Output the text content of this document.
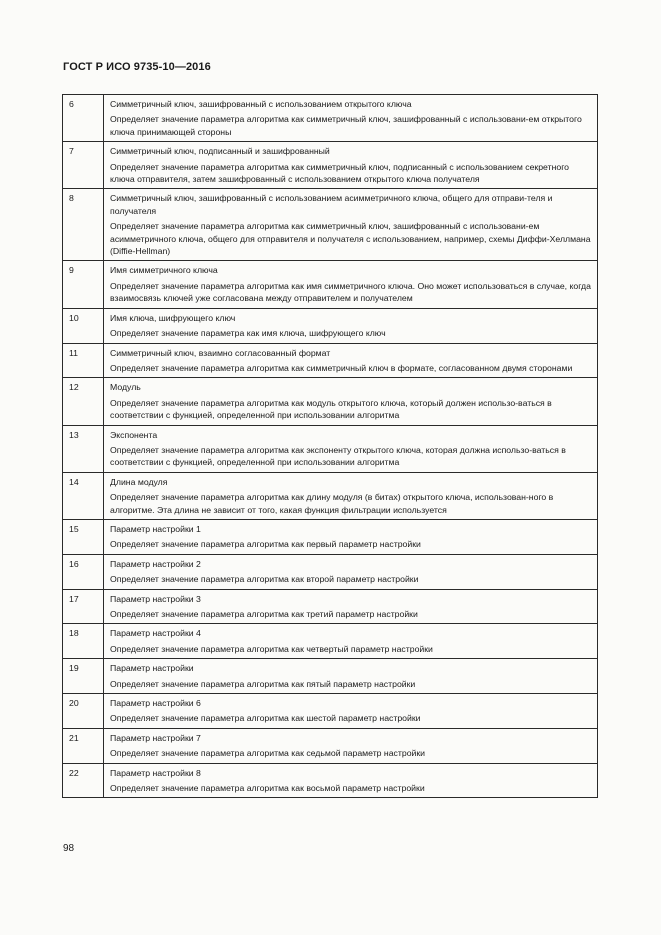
ГОСТ Р ИСО 9735-10—2016
6	Симметричный ключ, зашифрованный с использованием открытого ключа

Определяет значение параметра алгоритма как симметричный ключ, зашифрованный с использовани-ем открытого ключа принимающей стороны

7	Симметричный ключ, подписанный и зашифрованный

Определяет значение параметра алгоритма как симметричный ключ, подписанный с использованием секретного ключа отправителя, затем зашифрованный с использованием открытого ключа получателя

8	Симметричный ключ, зашифрованный с использованием асимметричного ключа, общего для отправи-теля и получателя

Определяет значение параметра алгоритма как симметричный ключ, зашифрованный с использовани-ем асимметричного ключа, общего для отправителя и получателя с использованием, например, схемы Диффи-Хеллмана (Diffie-Hellman)

9	Имя симметричного ключа

Определяет значение параметра алгоритма как имя симметричного ключа. Оно может использоваться в случае, когда взаимосвязь ключей уже согласована между отправителем и получателем

10	Имя ключа, шифрующего ключ

Определяет значение параметра как имя ключа, шифрующего ключ

11	Симметричный ключ, взаимно согласованный формат

Определяет значение параметра алгоритма как симметричный ключ в формате, согласованном двумя сторонами

12	Модуль

Определяет значение параметра алгоритма как модуль открытого ключа, который должен использо-ваться в соответствии с функцией, определенной при использовании алгоритма

13	Экспонента

Определяет значение параметра алгоритма как экспоненту открытого ключа, которая должна использо-ваться в соответствии с функцией, определенной при использовании алгоритма

14	Длина модуля

Определяет значение параметра алгоритма как длину модуля (в битах) открытого ключа, использован-ного в алгоритме. Эта длина не зависит от того, какая функция фильтрации используется

15	Параметр настройки 1

Определяет значение параметра алгоритма как первый параметр настройки

16	Параметр настройки 2

Определяет значение параметра алгоритма как второй параметр настройки

17	Параметр настройки 3

Определяет значение параметра алгоритма как третий параметр настройки

18	Параметр настройки 4

Определяет значение параметра алгоритма как четвертый параметр настройки

19	Параметр настройки

Определяет значение параметра алгоритма как пятый параметр настройки

20	Параметр настройки 6

Определяет значение параметра алгоритма как шестой параметр настройки

21	Параметр настройки 7

Определяет значение параметра алгоритма как седьмой параметр настройки

22	Параметр настройки 8

Определяет значение параметра алгоритма как восьмой параметр настройки

98
